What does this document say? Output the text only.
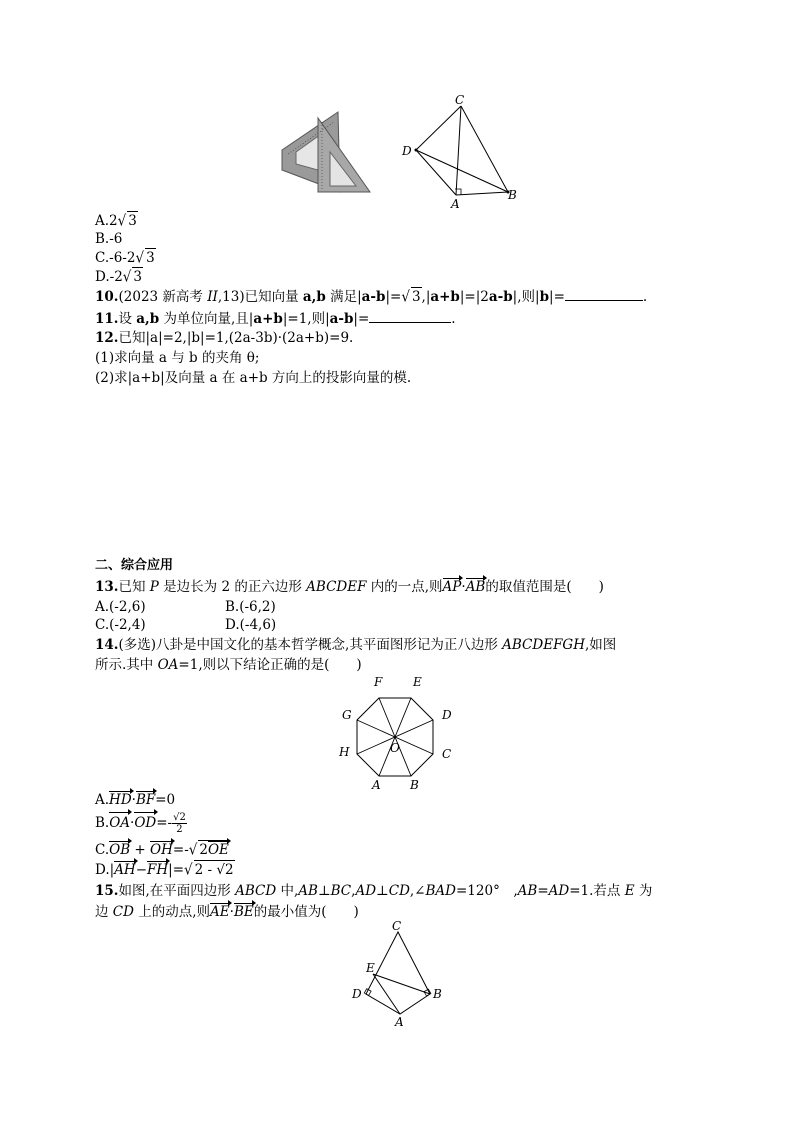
C
D
A
B
A.2√ 3
B.-6
C.-6-2√ 3
D.-2√ 3
10.(2023 新高考 II,13)已知向量 a,b 满足|a-b|=√ 3,|a+b|=|2a-b|,则|b|=	.
11.设 a,b 为单位向量,且|a+b|=1,则|a-b|=	.
12.已知|a|=2,|b|=1,(2a-3b)·(2a+b)=9.
(1)求向量 a 与 b 的夹角 θ;
(2)求|a+b|及向量 a 在 a+b 方向上的投影向量的模.
二、综合应用
13.已知 P 是边长为 2 的正六边形 ABCDEF 内的一点,则AP·AB的取值范围是(　　)
A.(-2,6)	B.(-6,2)
C.(-2,4)	D.(-4,6)
14.(多选)八卦是中国文化的基本哲学概念,其平面图形记为正八边形 ABCDEFGH,如图
所示.其中 OA=1,则以下结论正确的是(　　)
F	E
G	D
H	C
O
A B
A.HD·BF=0
$B.OA\cdot OD=- \frac{√2}{2}$
C.OB + OH=-√ 2OE
D.|AH−FH|=√ 2 - √2
15.如图,在平面四边形 ABCD 中,AB⊥BC,AD⊥CD,∠BAD=120°　,AB=AD=1.若点 E 为
边 CD 上的动点,则AE·BE的最小值为(　　)
C
E
D	B
A
